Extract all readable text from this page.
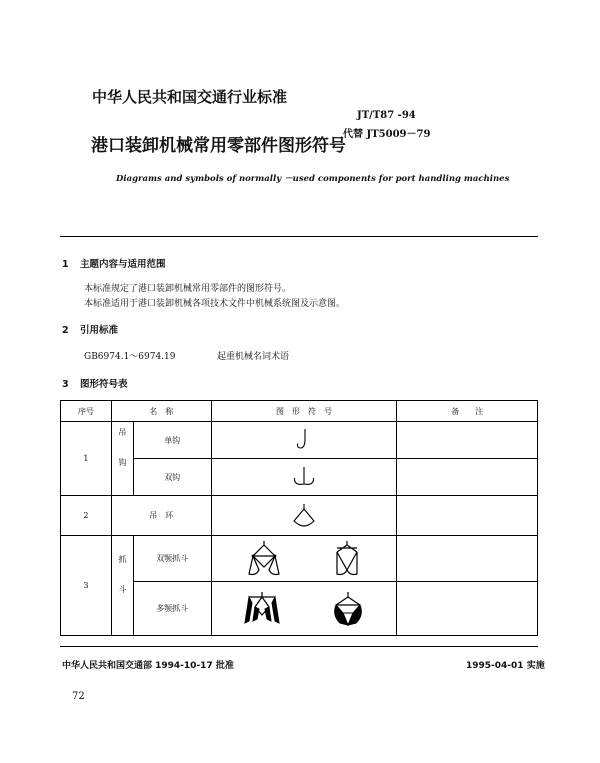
中华人民共和国交通行业标准
JT/T87 -94
代替 JT5009－79
港口装卸机械常用零部件图形符号
Diagrams and symbols of normally －used components for port handling machines
1 主题内容与适用范围
本标准规定了港口装卸机械常用零部件的图形符号。
本标准适用于港口装卸机械各项技术文件中机械系统图及示意图。
2 引用标准
GB6974.1～6974.19	起重机械名词术语
3 图形符号表
序号	名　称		图　形　符　号	备　　注
1	吊钩	单钩	

		双钩	

2	吊　环	

3	抓斗	双颚抓斗	

		多颚抓斗	

中华人民共和国交通部 1994-10-17 批准	1995-04-01 实施
72
